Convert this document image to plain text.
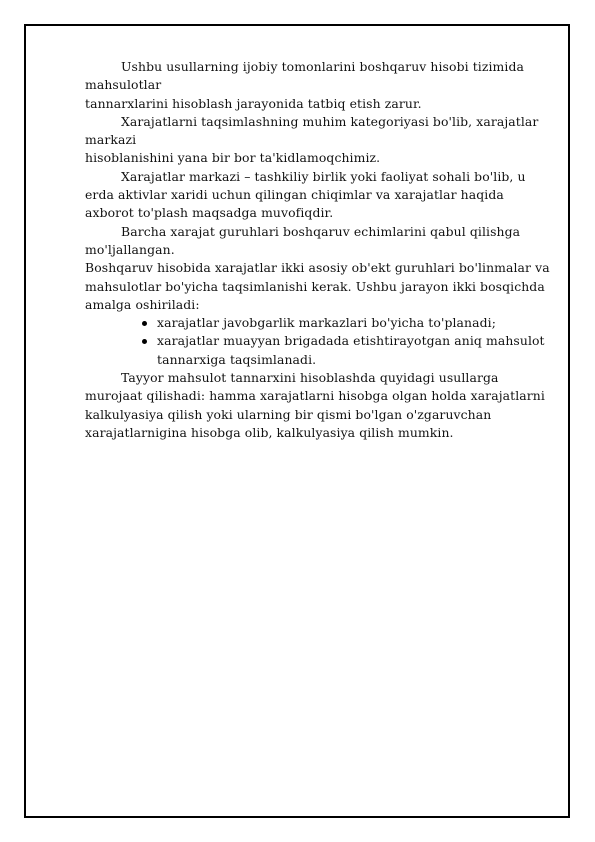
Ushbu usullarning ijobiy tomonlarini boshqaruv hisobi tizimida

mahsulotlar

tannarxlarini hisoblash jarayonida tatbiq etish zarur.

Xarajatlarni taqsimlashning muhim kategoriyasi bo'lib, xarajatlar

markazi

hisoblanishini yana bir bor ta'kidlamoqchimiz.

Xarajatlar markazi – tashkiliy birlik yoki faoliyat sohali bo'lib, u

erda aktivlar xaridi uchun qilingan chiqimlar va xarajatlar haqida

axborot to'plash maqsadga muvofiqdir.

Barcha xarajat guruhlari boshqaruv echimlarini qabul qilishga

mo'ljallangan.

Boshqaruv hisobida xarajatlar ikki asosiy ob'ekt guruhlari bo'linmalar va

mahsulotlar bo'yicha taqsimlanishi kerak. Ushbu jarayon ikki bosqichda

amalga oshiriladi:

xarajatlar javobgarlik markazlari bo'yicha to'planadi;
xarajatlar muayyan brigadada etishtirayotgan aniq mahsulot
tannarxiga taqsimlanadi.

Tayyor mahsulot tannarxini hisoblashda quyidagi usullarga

murojaat qilishadi: hamma xarajatlarni hisobga olgan holda xarajatlarni

kalkulyasiya qilish yoki ularning bir qismi bo'lgan o'zgaruvchan

xarajatlarnigina hisobga olib, kalkulyasiya qilish mumkin.
